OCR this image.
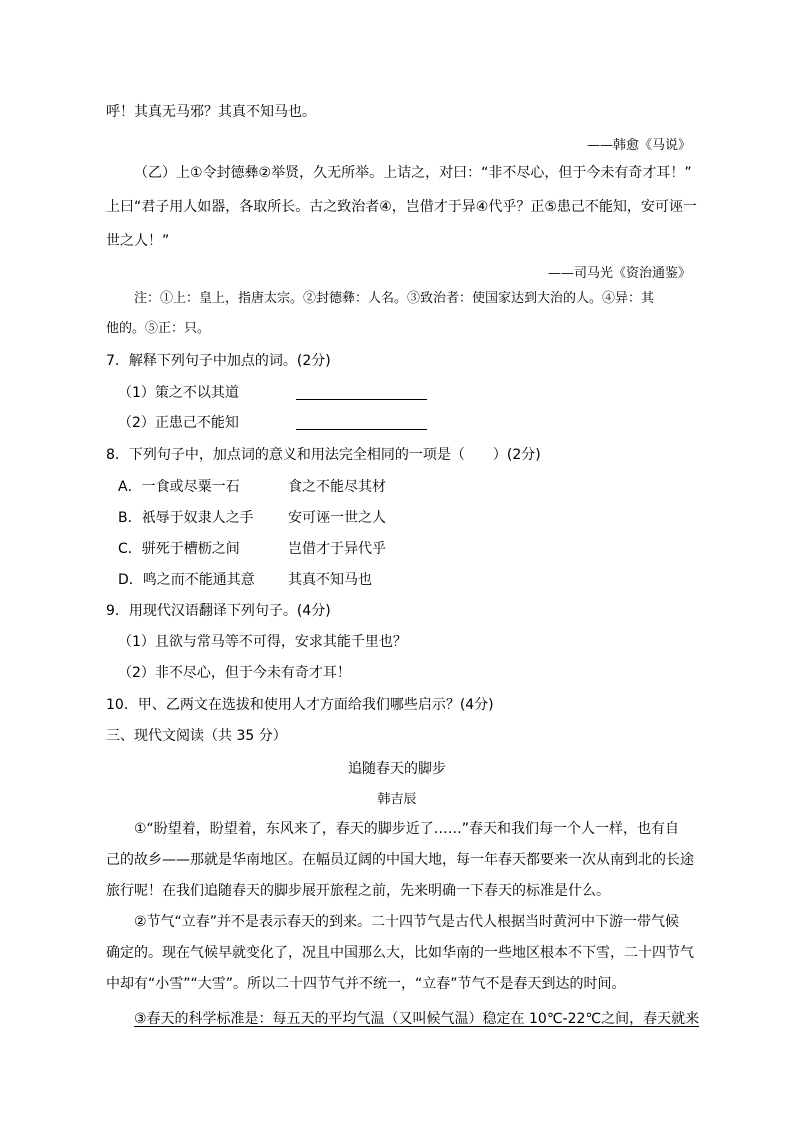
呼！其真无马邪？其真不知马也。
——韩愈《马说》
（乙）上①令封德彝②举贤，久无所举。上诘之，对曰：“非不尽心，但于今未有奇才耳！”
上曰“君子用人如器，各取所长。古之致治者④，岂借才于异④代乎？正⑤患己不能知，安可诬一
世之人！”
——司马光《资治通鉴》
注：①上：皇上，指唐太宗。②封德彝：人名。③致治者：使国家达到大治的人。④异：其
他的。⑤正：只。
7．解释下列句子中加点的词。(2分)
（1）策之不以其道
（2）正患己不能知
8．下列句子中，加点词的意义和用法完全相同的一项是（　　）(2分)
A．一食或尽粟一石	食之不能尽其材
B．祇辱于奴隶人之手 安可诬一世之人
C．骈死于槽枥之间	岂借才于异代乎
D．鸣之而不能通其意 其真不知马也
9．用现代汉语翻译下列句子。(4分)
（1）且欲与常马等不可得，安求其能千里也？
（2）非不尽心，但于今未有奇才耳！
10．甲、乙两文在选拔和使用人才方面给我们哪些启示？(4分)
三、现代文阅读（共 35 分）
追随春天的脚步
韩吉辰
①“盼望着，盼望着，东风来了，春天的脚步近了……”春天和我们每一个人一样，也有自
己的故乡——那就是华南地区。在幅员辽阔的中国大地，每一年春天都要来一次从南到北的长途
旅行呢！在我们追随春天的脚步展开旅程之前，先来明确一下春天的标准是什么。
②节气“立春”并不是表示春天的到来。二十四节气是古代人根据当时黄河中下游一带气候
确定的。现在气候早就变化了，况且中国那么大，比如华南的一些地区根本不下雪，二十四节气
中却有“小雪”“大雪”。所以二十四节气并不统一，“立春”节气不是春天到达的时间。
③春天的科学标准是：每五天的平均气温（又叫候气温）稳定在 10℃-22℃之间，春天就来
